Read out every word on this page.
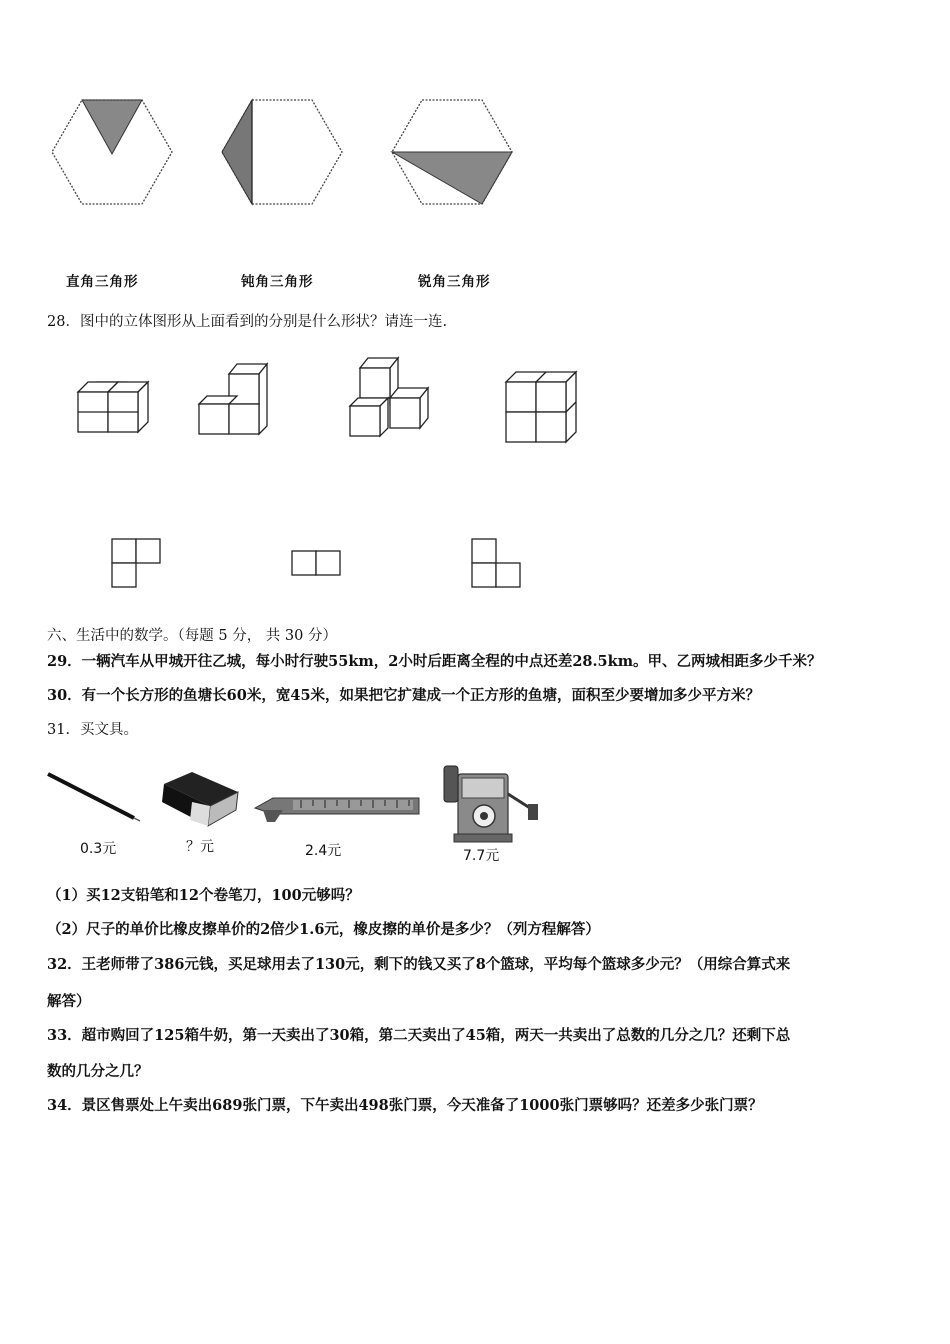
直角三角形	钝角三角形	锐角三角形
28．图中的立体图形从上面看到的分别是什么形状？请连一连.
六、生活中的数学。（每题 5 分， 共 30 分）
29．一辆汽车从甲城开往乙城，每小时行驶55km，2小时后距离全程的中点还差28.5km。甲、乙两城相距多少千米？
30．有一个长方形的鱼塘长60米，宽45米，如果把它扩建成一个正方形的鱼塘，面积至少要增加多少平方米？
31．买文具。
0.3元	？元	2.4元	7.7元
（1）买12支铅笔和12个卷笔刀，100元够吗？
（2）尺子的单价比橡皮擦单价的2倍少1.6元，橡皮擦的单价是多少？（列方程解答）
32．王老师带了386元钱，买足球用去了130元，剩下的钱又买了8个篮球，平均每个篮球多少元？（用综合算式来
解答）
33．超市购回了125箱牛奶，第一天卖出了30箱，第二天卖出了45箱，两天一共卖出了总数的几分之几？还剩下总
数的几分之几？
34．景区售票处上午卖出689张门票，下午卖出498张门票，今天准备了1000张门票够吗？还差多少张门票？
